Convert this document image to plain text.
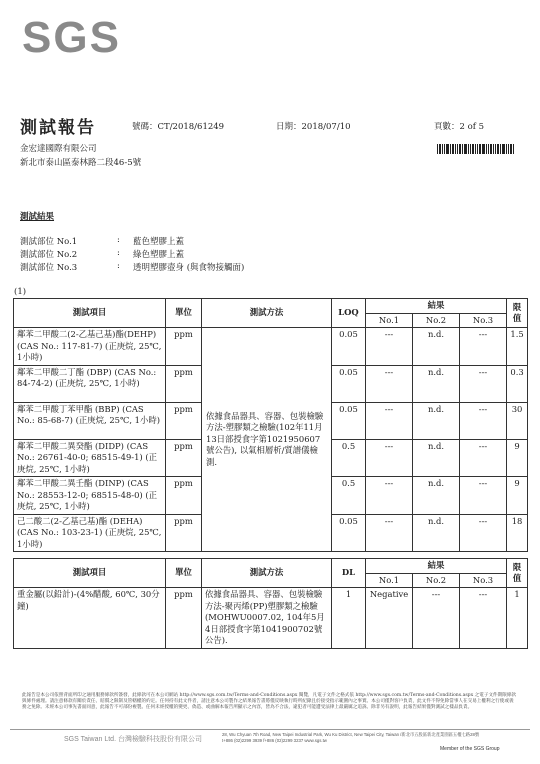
SGS
測試報告	號碼：CT/2018/61249	日期：2018/07/10	頁數：2 of 5
金宏達國際有限公司
新北市泰山區泰林路二段46-5號
測試結果
測試部位 No.1	: 藍色塑膠上蓋
測試部位 No.2	: 綠色塑膠上蓋
測試部位 No.3	: 透明塑膠壺身 (與食物接觸面)
(1)
測試項目	單位	測試方法	LOQ	結果			限值
				No.1	No.2	No.3	
鄰苯二甲酸二(2-乙基己基)酯(DEHP) (CAS No.: 117-81-7) (正庚烷, 25℃, 1小時)	ppm	依據食品器具、容器、包裝檢驗方法-塑膠類之檢驗(102年11月13日部授食字第1021950607號公告), 以氣相層析/質譜儀檢測.	0.05	---	n.d.	---	1.5
鄰苯二甲酸二丁酯 (DBP) (CAS No.: 84-74-2) (正庚烷, 25℃, 1小時)	ppm		0.05	---	n.d.	---	0.3
鄰苯二甲酸丁苯甲酯 (BBP) (CAS No.: 85-68-7) (正庚烷, 25℃, 1小時)	ppm		0.05	---	n.d.	---	30
鄰苯二甲酸二異癸酯 (DIDP) (CAS No.: 26761-40-0; 68515-49-1) (正庚烷, 25℃, 1小時)	ppm		0.5	---	n.d.	---	9
鄰苯二甲酸二異壬酯 (DINP) (CAS No.: 28553-12-0; 68515-48-0) (正庚烷, 25℃, 1小時)	ppm		0.5	---	n.d.	---	9
己二酸二(2-乙基己基)酯 (DEHA) (CAS No.: 103-23-1) (正庚烷, 25℃, 1小時)	ppm		0.05	---	n.d.	---	18
測試項目	單位	測試方法	DL	結果			限值
				No.1	No.2	No.3	
重金屬(以鉛計)-(4%醋酸, 60℃, 30分鐘)	ppm	依據食品器具、容器、包裝檢驗方法-聚丙烯(PP)塑膠類之檢驗(MOHWU0007.02, 104年5月4日部授食字第1041900702號公告).	1	Negative	---	---	1
此報告是本公司依照背面所印之通用服務條款所簽發，此條款可在本公司網站 http://www.sgs.com.tw/Terms-and-Conditions.aspx 閱覽，凡電子文件之格式依 http://www.sgs.com.tw/Terms-and-Conditions.aspx 之電子文件期限條款與條件處理。請注意條款有關於責任、賠償之限制及管轄權的約定。任何持有此文件者，請注意本公司製作之結果報告書將僅反映執行時所紀錄且於接受指示範圍內之事實。本公司僅對客戶負責，此文件不得免除當事人在交易上權利之行使或義務之免除。未經本公司事先書面同意，此報告不可部份複製。任何未經授權的變更、偽造、或曲解本報告所顯示之內容，皆為不合法，違犯者可能遭受法律上最嚴厲之追訴。除非另有說明，此報告結果僅對測試之樣品負責。
SGS Taiwan Ltd. 台灣檢驗科技股份有限公司
28, Wu Chyuan 7th Road, New Taipei Industrial Park, Wu Ku District, New Taipei City, Taiwan /新北市五股區新北產業園區五權七路28號
t+886 (02)2299 3939 f+886 (02)2299 3237 www.sgs.tw
Member of the SGS Group
